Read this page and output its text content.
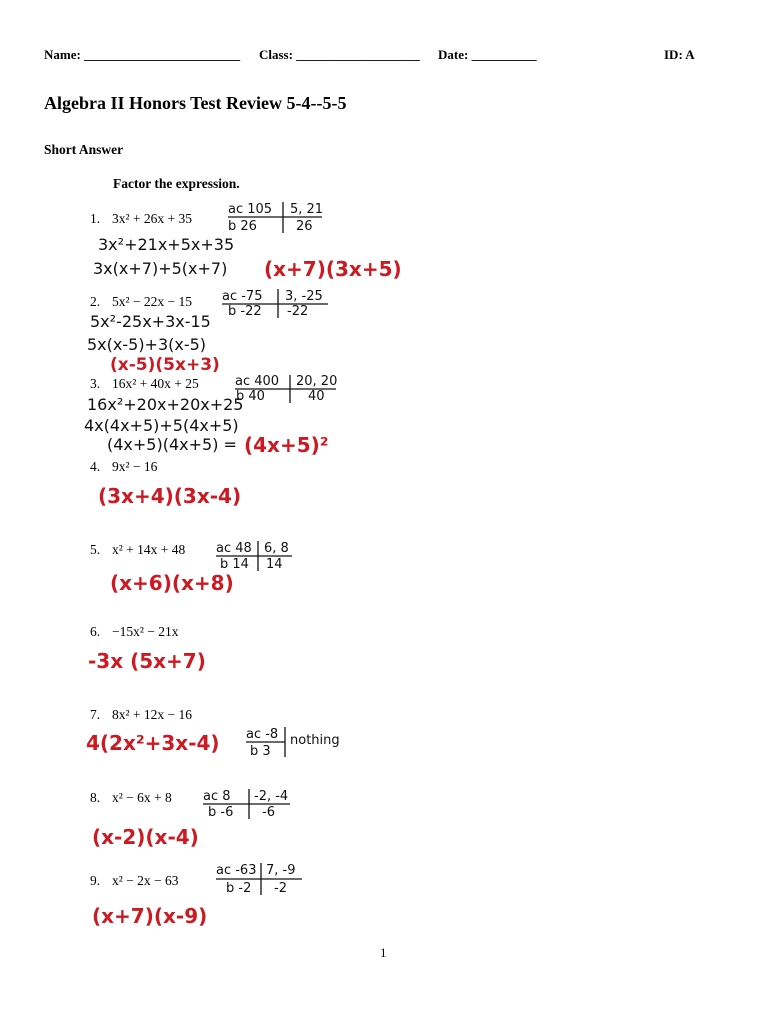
Name: ________________________ Class: ___________________ Date: __________	ID: A
Algebra II Honors Test Review 5-4--5-5
Short Answer
Factor the expression.
1. 3x² + 26x + 35
2. 5x² − 22x − 15
3. 16x² + 40x + 25
4. 9x² − 16
5. x² + 14x + 48
6. −15x² − 21x
7. 8x² + 12x − 16
8. x² − 6x + 8
9. x² − 2x − 63
1
ac 105 5, 21
b 26	26
3x²+21x+5x+35
3x(x+7)+5(x+7) (x+7)(3x+5)
ac -75 3, -25
b -22 -22
5x²-25x+3x-15
5x(x-5)+3(x-5)
(x-5)(5x+3)
ac 400 20, 20
b 40	40
16x²+20x+20x+25
4x(4x+5)+5(4x+5)
(4x+5)(4x+5) = (4x+5)²
(3x+4)(3x-4)
ac 48 6, 8
b 14 14
(x+6)(x+8)
-3x (5x+7)
4(2x²+3x-4) ac -8 nothing
b 3
ac 8 -2, -4
b -6 -6
(x-2)(x-4)
ac -63 7, -9
b -2 -2
(x+7)(x-9)
